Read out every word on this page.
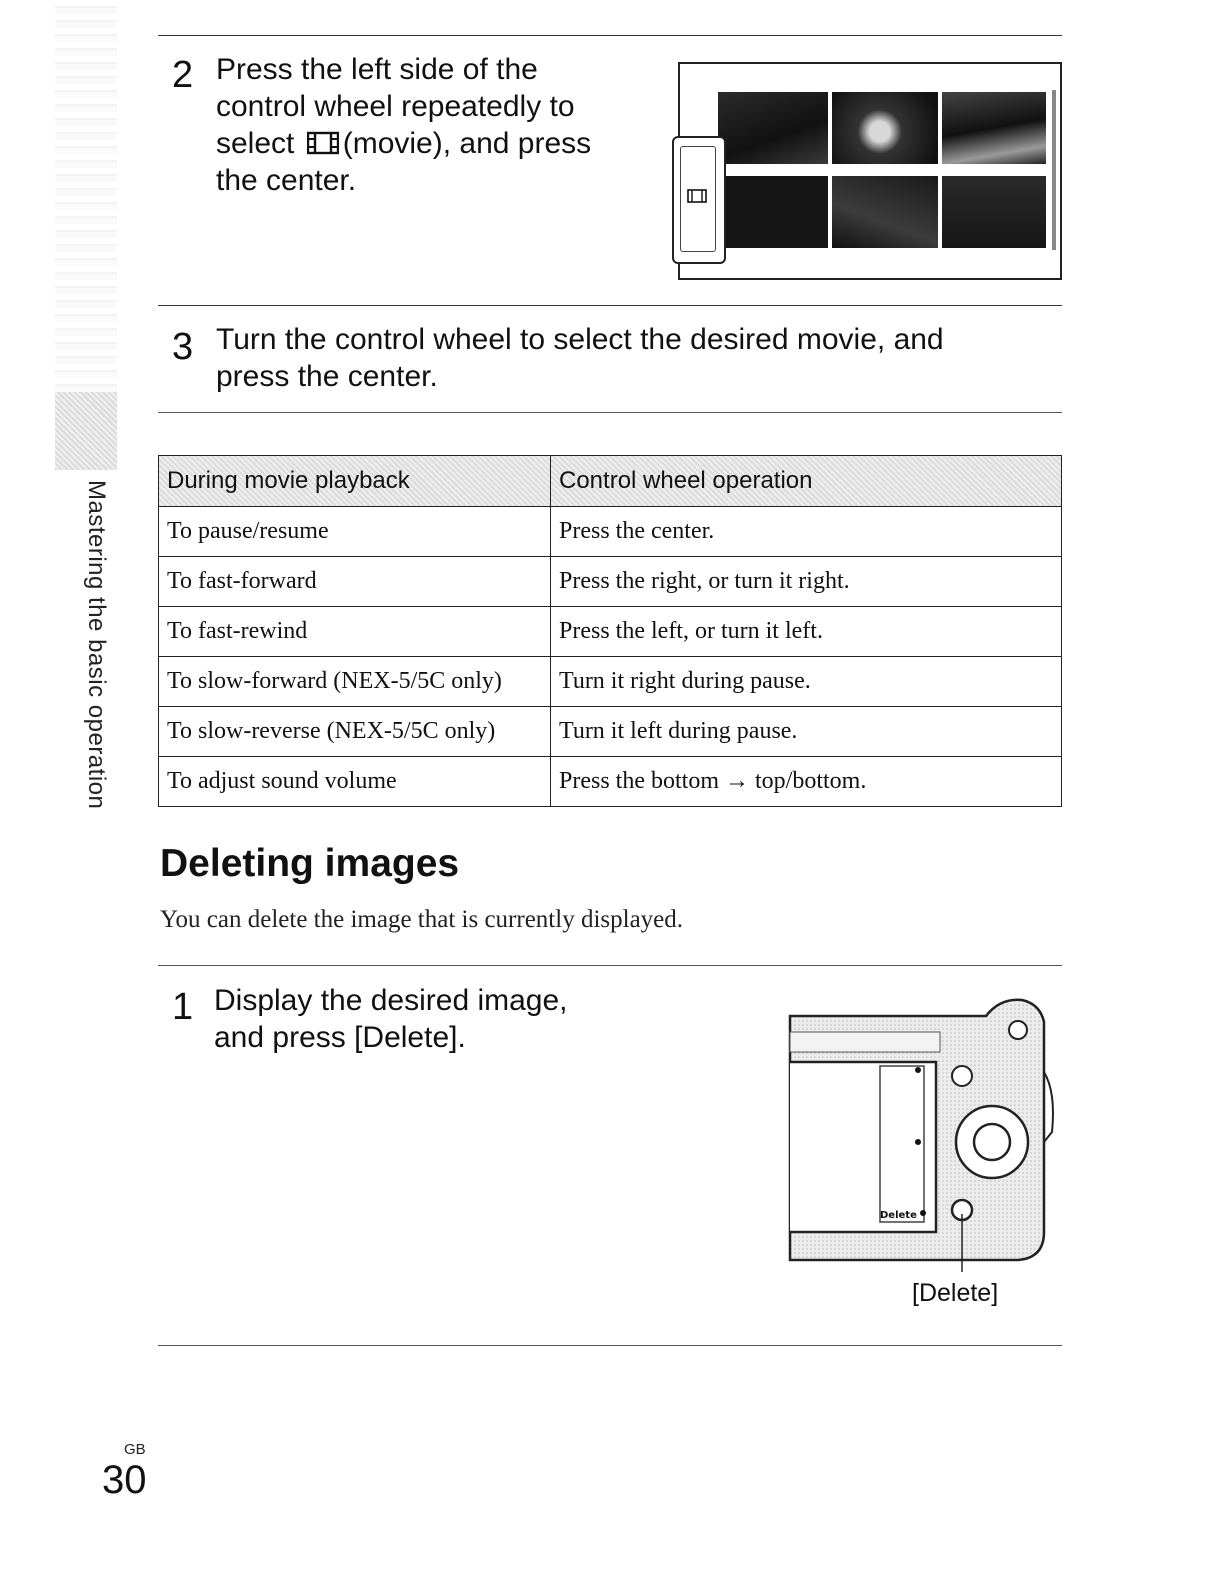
Mastering the basic operation
2 Press the left side of the
control wheel repeatedly to
select (movie), and press
the center.
3 Turn the control wheel to select the desired movie, and
press the center.
During movie playback	Control wheel operation
To pause/resume	Press the center.
To fast-forward	Press the right, or turn it right.
To fast-rewind	Press the left, or turn it left.
To slow-forward (NEX-5/5C only)	Turn it right during pause.
To slow-reverse (NEX-5/5C only)	Turn it left during pause.
To adjust sound volume	Press the bottom → top/bottom.
Deleting images
You can delete the image that is currently displayed.
1 Display the desired image,
and press [Delete].
Delete
[Delete]
GB
30
